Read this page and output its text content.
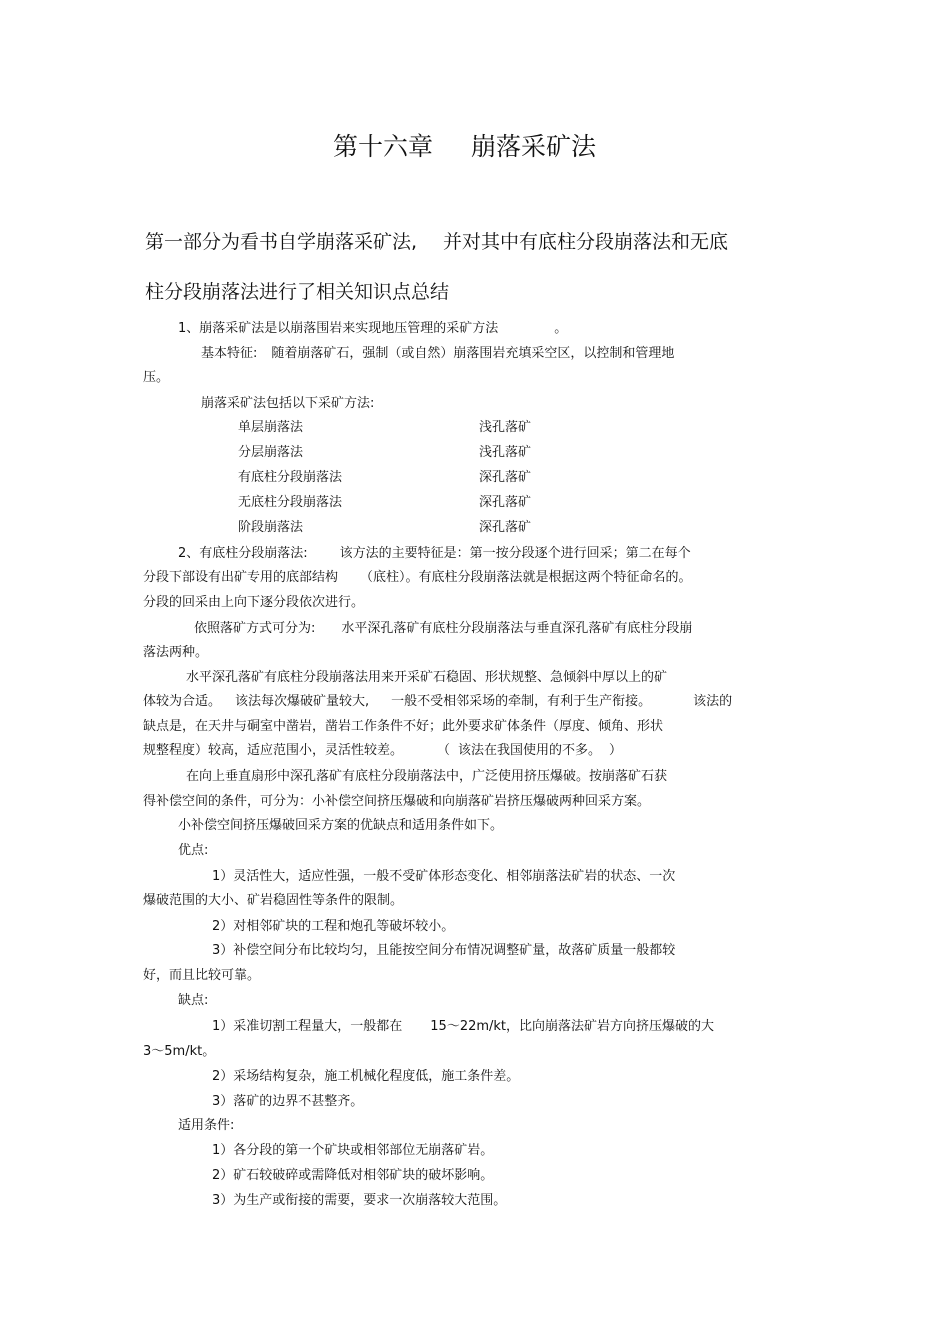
第十六章 崩落采矿法
第一部分为看书自学崩落采矿法, 并对其中有底柱分段崩落法和无底
柱分段崩落法进行了相关知识点总结
1、崩落采矿法是以崩落围岩来实现地压管理的采矿方法	。
基本特征: 随着崩落矿石，强制（或自然）崩落围岩充填采空区，以控制和管理地
压。
崩落采矿法包括以下采矿方法:
单层崩落法	浅孔落矿
分层崩落法	浅孔落矿
有底柱分段崩落法	深孔落矿
无底柱分段崩落法	深孔落矿
阶段崩落法	深孔落矿
2、有底柱分段崩落法: 该方法的主要特征是：第一按分段逐个进行回采；第二在每个
分段下部设有出矿专用的底部结构 （底柱）。有底柱分段崩落法就是根据这两个特征命名的。
分段的回采由上向下逐分段依次进行。
依照落矿方式可分为: 水平深孔落矿有底柱分段崩落法与垂直深孔落矿有底柱分段崩
落法两种。
水平深孔落矿有底柱分段崩落法用来开采矿石稳固、形状规整、急倾斜中厚以上的矿
体较为合适。 该法每次爆破矿量较大, 一般不受相邻采场的牵制，有利于生产衔接。	该法的
缺点是，在天井与硐室中凿岩，凿岩工作条件不好；此外要求矿体条件（厚度、倾角、形状
规整程度）较高，适应范围小，灵活性较差。	（ 该法在我国使用的不多。 ）
在向上垂直扇形中深孔落矿有底柱分段崩落法中，广泛使用挤压爆破。按崩落矿石获
得补偿空间的条件，可分为：小补偿空间挤压爆破和向崩落矿岩挤压爆破两种回采方案。
小补偿空间挤压爆破回采方案的优缺点和适用条件如下。
优点:
1）灵活性大，适应性强，一般不受矿体形态变化、相邻崩落法矿岩的状态、一次
爆破范围的大小、矿岩稳固性等条件的限制。
2）对相邻矿块的工程和炮孔等破坏较小。
3）补偿空间分布比较均匀，且能按空间分布情况调整矿量，故落矿质量一般都较
好，而且比较可靠。
缺点:
1）采准切割工程量大，一般都在 15～22m/kt，比向崩落法矿岩方向挤压爆破的大
3～5m/kt。
2）采场结构复杂，施工机械化程度低，施工条件差。
3）落矿的边界不甚整齐。
适用条件:
1）各分段的第一个矿块或相邻部位无崩落矿岩。
2）矿石较破碎或需降低对相邻矿块的破坏影响。
3）为生产或衔接的需要，要求一次崩落较大范围。
